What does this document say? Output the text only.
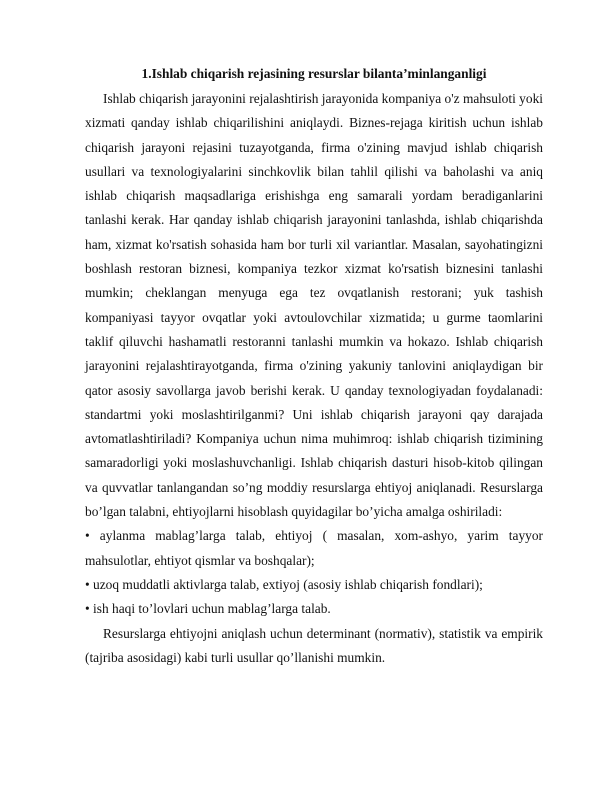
1.Ishlab chiqarish rejasining resurslar bilanta’minlanganligi

Ishlab chiqarish jarayonini rejalashtirish jarayonida kompaniya o'z mahsuloti yoki xizmati qanday ishlab chiqarilishini aniqlaydi. Biznes-rejaga kiritish uchun ishlab chiqarish jarayoni rejasini tuzayotganda, firma o'zining mavjud ishlab chiqarish usullari va texnologiyalarini sinchkovlik bilan tahlil qilishi va baholashi va aniq ishlab chiqarish maqsadlariga erishishga eng samarali yordam beradiganlarini tanlashi kerak. Har qanday ishlab chiqarish jarayonini tanlashda, ishlab chiqarishda ham, xizmat ko'rsatish sohasida ham bor turli xil variantlar. Masalan, sayohatingizni boshlash restoran biznesi, kompaniya tezkor xizmat ko'rsatish biznesini tanlashi mumkin; cheklangan menyuga ega tez ovqatlanish restorani; yuk tashish kompaniyasi tayyor ovqatlar yoki avtoulovchilar xizmatida; u gurme taomlarini taklif qiluvchi hashamatli restoranni tanlashi mumkin va hokazo. Ishlab chiqarish jarayonini rejalashtirayotganda, firma o'zining yakuniy tanlovini aniqlaydigan bir qator asosiy savollarga javob berishi kerak. U qanday texnologiyadan foydalanadi: standartmi yoki moslashtirilganmi? Uni ishlab chiqarish jarayoni qay darajada avtomatlashtiriladi? Kompaniya uchun nima muhimroq: ishlab chiqarish tizimining samaradorligi yoki moslashuvchanligi. Ishlab chiqarish dasturi hisob-kitob qilingan va quvvatlar tanlangandan so’ng moddiy resurslarga ehtiyoj aniqlanadi. Resurslarga bo’lgan talabni, ehtiyojlarni hisoblash quyidagilar bo’yicha amalga oshiriladi:

• aylanma mablag’larga talab, ehtiyoj ( masalan, xom-ashyo, yarim tayyor mahsulotlar, ehtiyot qismlar va boshqalar);

• uzoq muddatli aktivlarga talab, extiyoj (asosiy ishlab chiqarish fondlari);

• ish haqi to’lovlari uchun mablag’larga talab.

Resurslarga ehtiyojni aniqlash uchun determinant (normativ), statistik va empirik (tajriba asosidagi) kabi turli usullar qo’llanishi mumkin.
